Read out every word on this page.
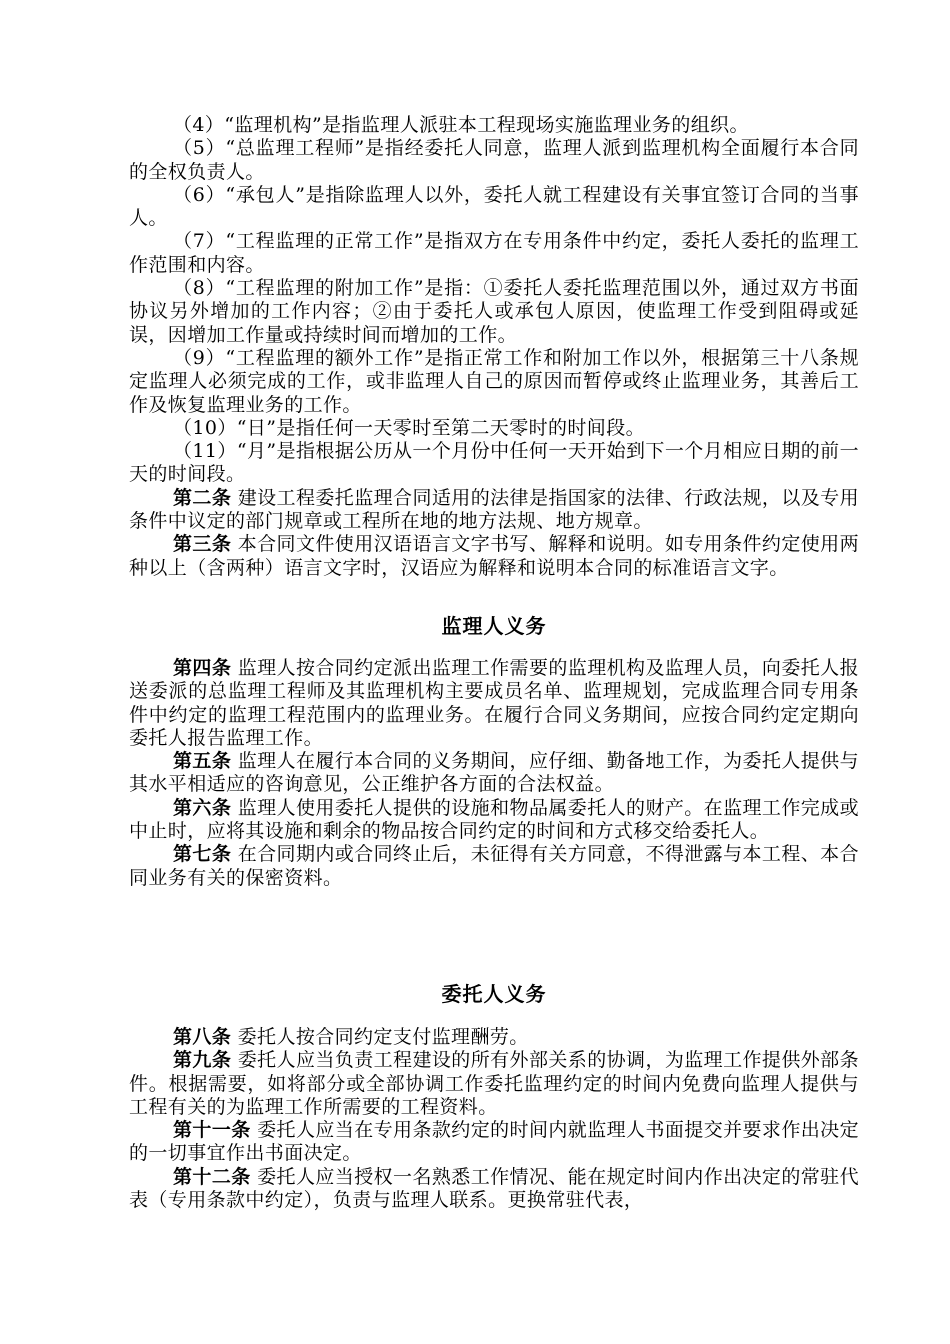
（4）“监理机构”是指监理人派驻本工程现场实施监理业务的组织。

（5）“总监理工程师”是指经委托人同意，监理人派到监理机构全面履行本合同的全权负责人。

（6）“承包人”是指除监理人以外，委托人就工程建设有关事宜签订合同的当事人。

（7）“工程监理的正常工作”是指双方在专用条件中约定，委托人委托的监理工作范围和内容。

（8）“工程监理的附加工作”是指：①委托人委托监理范围以外，通过双方书面协议另外增加的工作内容；②由于委托人或承包人原因，使监理工作受到阻碍或延误，因增加工作量或持续时间而增加的工作。

（9）“工程监理的额外工作”是指正常工作和附加工作以外，根据第三十八条规定监理人必须完成的工作，或非监理人自己的原因而暂停或终止监理业务，其善后工作及恢复监理业务的工作。

（10）“日”是指任何一天零时至第二天零时的时间段。

（11）“月”是指根据公历从一个月份中任何一天开始到下一个月相应日期的前一天的时间段。

第二条 建设工程委托监理合同适用的法律是指国家的法律、行政法规，以及专用条件中议定的部门规章或工程所在地的地方法规、地方规章。

第三条 本合同文件使用汉语语言文字书写、解释和说明。如专用条件约定使用两种以上（含两种）语言文字时，汉语应为解释和说明本合同的标准语言文字。

监理人义务

第四条 监理人按合同约定派出监理工作需要的监理机构及监理人员，向委托人报送委派的总监理工程师及其监理机构主要成员名单、监理规划，完成监理合同专用条件中约定的监理工程范围内的监理业务。在履行合同义务期间，应按合同约定定期向委托人报告监理工作。

第五条 监理人在履行本合同的义务期间，应仔细、勤备地工作，为委托人提供与其水平相适应的咨询意见，公正维护各方面的合法权益。

第六条 监理人使用委托人提供的设施和物品属委托人的财产。在监理工作完成或中止时，应将其设施和剩余的物品按合同约定的时间和方式移交给委托人。

第七条 在合同期内或合同终止后，未征得有关方同意，不得泄露与本工程、本合同业务有关的保密资料。

委托人义务

第八条 委托人按合同约定支付监理酬劳。

第九条 委托人应当负责工程建设的所有外部关系的协调，为监理工作提供外部条件。根据需要，如将部分或全部协调工作委托监理约定的时间内免费向监理人提供与工程有关的为监理工作所需要的工程资料。

第十一条 委托人应当在专用条款约定的时间内就监理人书面提交并要求作出决定的一切事宜作出书面决定。

第十二条 委托人应当授权一名熟悉工作情况、能在规定时间内作出决定的常驻代表（专用条款中约定），负责与监理人联系。更换常驻代表，
